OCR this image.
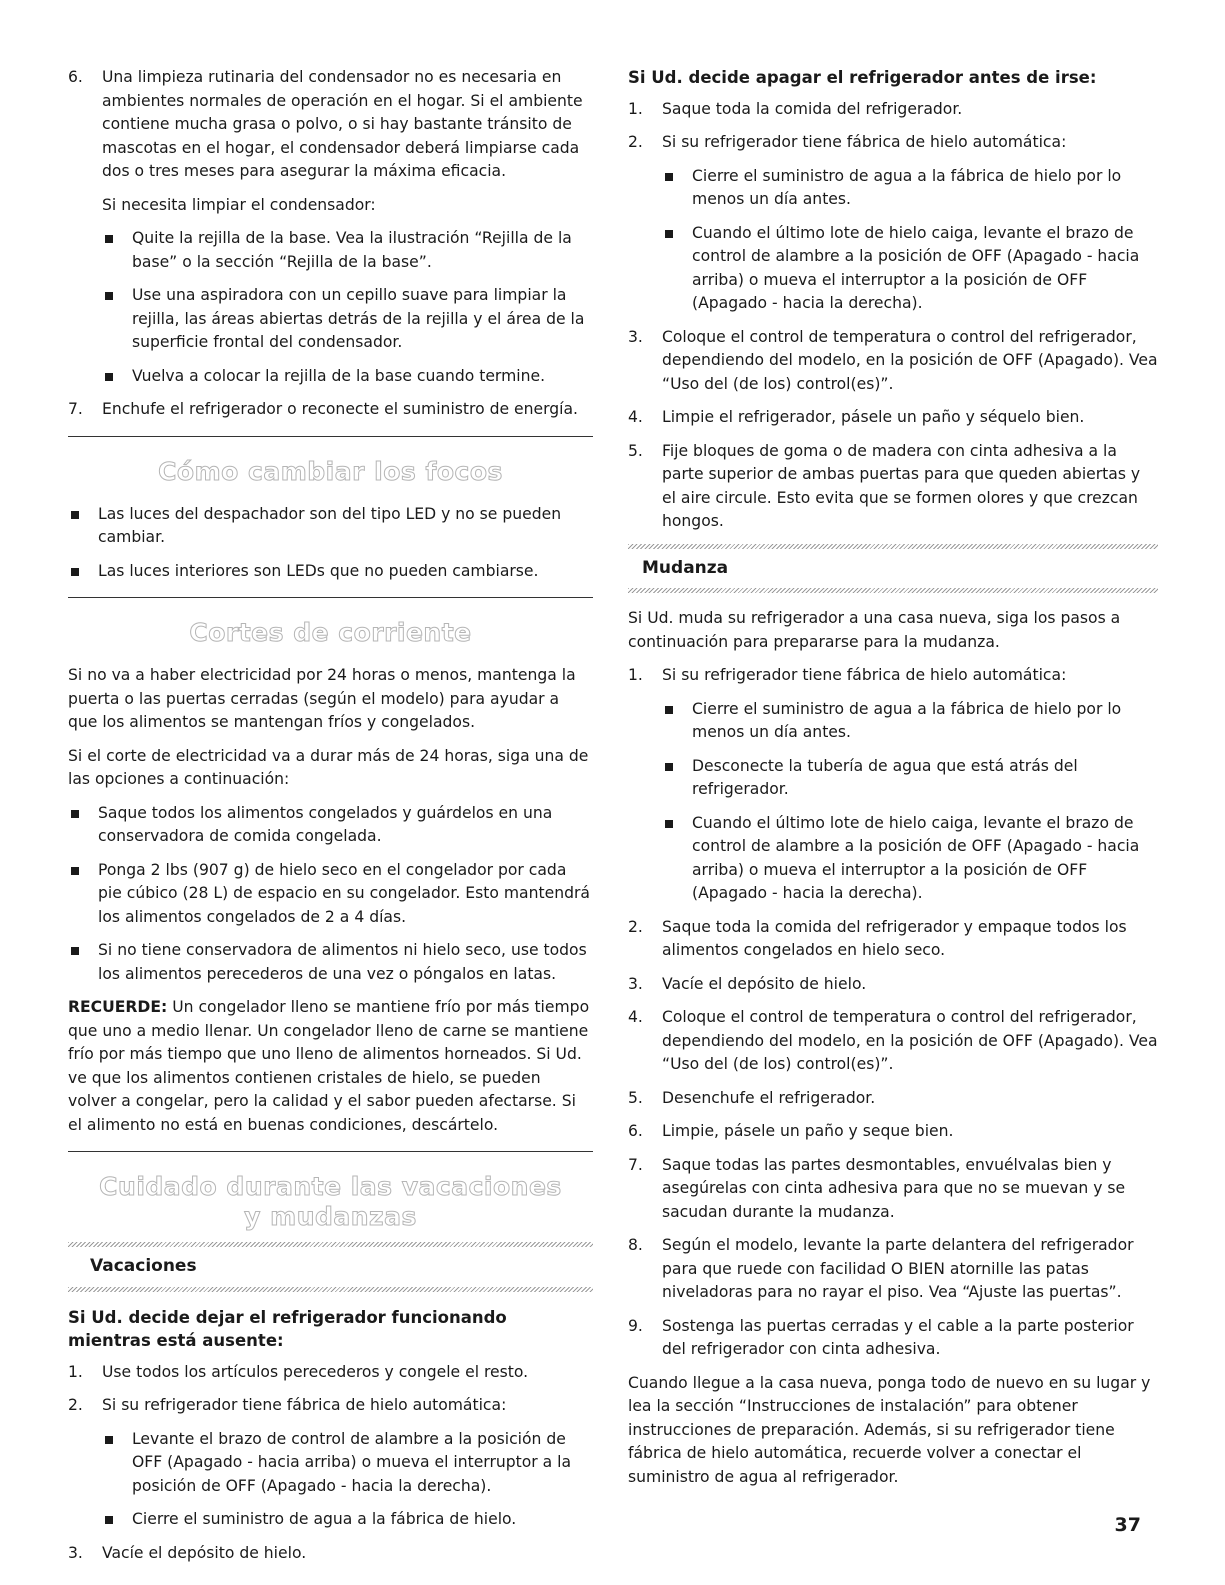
6.	Una limpieza rutinaria del condensador no es necesaria en ambientes normales de operación en el hogar. Si el ambiente contiene mucha grasa o polvo, o si hay bastante tránsito de mascotas en el hogar, el condensador deberá limpiarse cada dos o tres meses para asegurar la máxima eficacia.

Si necesita limpiar el condensador:

Quite la rejilla de la base. Vea la ilustración “Rejilla de la base” o la sección “Rejilla de la base”.
Use una aspiradora con un cepillo suave para limpiar la rejilla, las áreas abiertas detrás de la rejilla y el área de la superficie frontal del condensador.
Vuelva a colocar la rejilla de la base cuando termine.
7.	Enchufe el refrigerador o reconecte el suministro de energía.
Cómo cambiar los focos
Las luces del despachador son del tipo LED y no se pueden cambiar.
Las luces interiores son LEDs que no pueden cambiarse.
Cortes de corriente

Si no va a haber electricidad por 24 horas o menos, mantenga la puerta o las puertas cerradas (según el modelo) para ayudar a que los alimentos se mantengan fríos y congelados.

Si el corte de electricidad va a durar más de 24 horas, siga una de las opciones a continuación:

Saque todos los alimentos congelados y guárdelos en una conservadora de comida congelada.
Ponga 2 lbs (907 g) de hielo seco en el congelador por cada pie cúbico (28 L) de espacio en su congelador. Esto mantendrá los alimentos congelados de 2 a 4 días.
Si no tiene conservadora de alimentos ni hielo seco, use todos los alimentos perecederos de una vez o póngalos en latas.

RECUERDE: Un congelador lleno se mantiene frío por más tiempo que uno a medio llenar. Un congelador lleno de carne se mantiene frío por más tiempo que uno lleno de alimentos horneados. Si Ud. ve que los alimentos contienen cristales de hielo, se pueden volver a congelar, pero la calidad y el sabor pueden afectarse. Si el alimento no está en buenas condiciones, descártelo.

Cuidado durante las vacaciones
y mudanzas
Vacaciones
Si Ud. decide dejar el refrigerador funcionando mientras está ausente:
1.	Use todos los artículos perecederos y congele el resto.
2.	Si su refrigerador tiene fábrica de hielo automática:
Levante el brazo de control de alambre a la posición de OFF (Apagado - hacia arriba) o mueva el interruptor a la posición de OFF (Apagado - hacia la derecha).
Cierre el suministro de agua a la fábrica de hielo.
3.	Vacíe el depósito de hielo.
Si Ud. decide apagar el refrigerador antes de irse:
1.	Saque toda la comida del refrigerador.
2.	Si su refrigerador tiene fábrica de hielo automática:
Cierre el suministro de agua a la fábrica de hielo por lo menos un día antes.
Cuando el último lote de hielo caiga, levante el brazo de control de alambre a la posición de OFF (Apagado - hacia arriba) o mueva el interruptor a la posición de OFF (Apagado - hacia la derecha).
3.	Coloque el control de temperatura o control del refrigerador, dependiendo del modelo, en la posición de OFF (Apagado). Vea “Uso del (de los) control(es)”.
4.	Limpie el refrigerador, pásele un paño y séquelo bien.
5.	Fije bloques de goma o de madera con cinta adhesiva a la parte superior de ambas puertas para que queden abiertas y el aire circule. Esto evita que se formen olores y que crezcan hongos.
Mudanza

Si Ud. muda su refrigerador a una casa nueva, siga los pasos a continuación para prepararse para la mudanza.

1.	Si su refrigerador tiene fábrica de hielo automática:
Cierre el suministro de agua a la fábrica de hielo por lo menos un día antes.
Desconecte la tubería de agua que está atrás del refrigerador.
Cuando el último lote de hielo caiga, levante el brazo de control de alambre a la posición de OFF (Apagado - hacia arriba) o mueva el interruptor a la posición de OFF (Apagado - hacia la derecha).
2.	Saque toda la comida del refrigerador y empaque todos los alimentos congelados en hielo seco.
3.	Vacíe el depósito de hielo.
4.	Coloque el control de temperatura o control del refrigerador, dependiendo del modelo, en la posición de OFF (Apagado). Vea “Uso del (de los) control(es)”.
5.	Desenchufe el refrigerador.
6.	Limpie, pásele un paño y seque bien.
7.	Saque todas las partes desmontables, envuélvalas bien y asegúrelas con cinta adhesiva para que no se muevan y se sacudan durante la mudanza.
8.	Según el modelo, levante la parte delantera del refrigerador para que ruede con facilidad O BIEN atornille las patas niveladoras para no rayar el piso. Vea “Ajuste las puertas”.
9.	Sostenga las puertas cerradas y el cable a la parte posterior del refrigerador con cinta adhesiva.

Cuando llegue a la casa nueva, ponga todo de nuevo en su lugar y lea la sección “Instrucciones de instalación” para obtener instrucciones de preparación. Además, si su refrigerador tiene fábrica de hielo automática, recuerde volver a conectar el suministro de agua al refrigerador.

37
